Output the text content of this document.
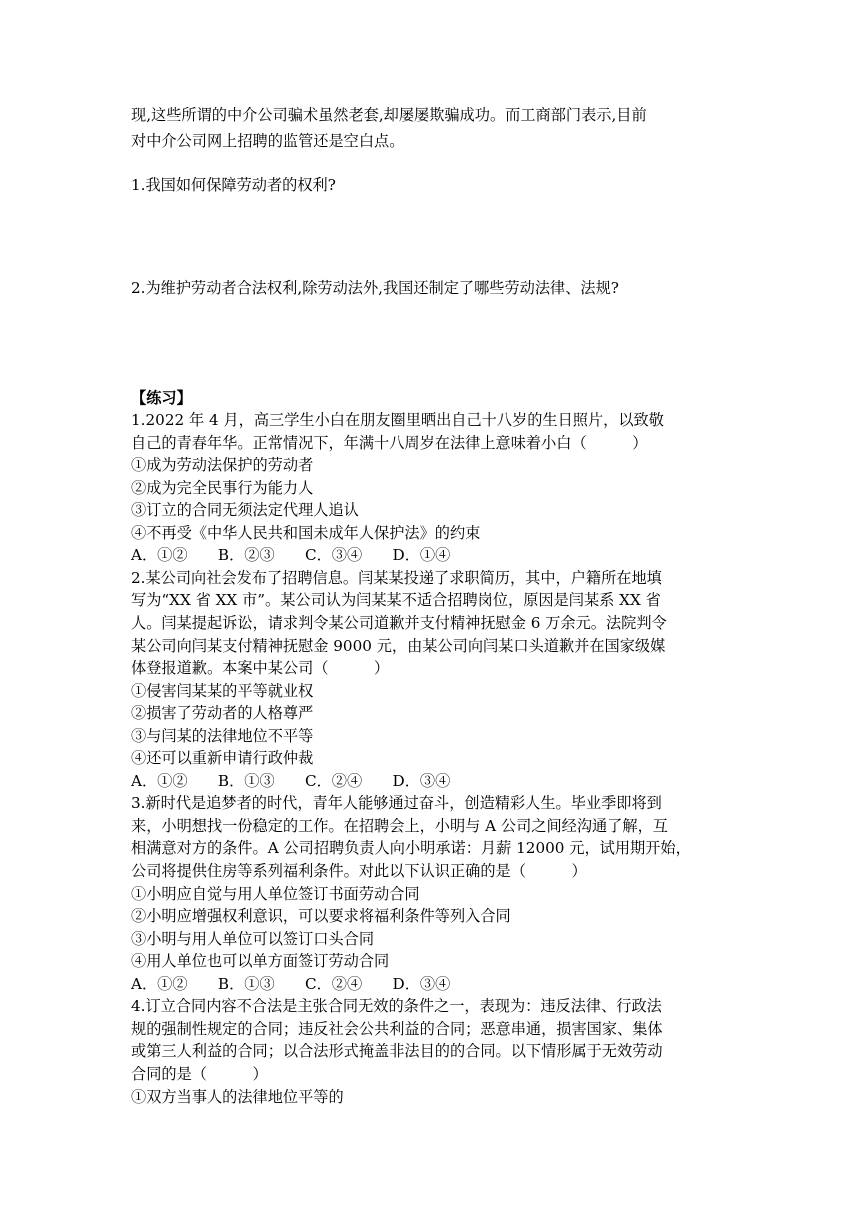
现,这些所谓的中介公司骗术虽然老套,却屡屡欺骗成功。而工商部门表示,目前
对中介公司网上招聘的监管还是空白点。
1.我国如何保障劳动者的权利?
2.为维护劳动者合法权利,除劳动法外,我国还制定了哪些劳动法律、法规?
【练习】
1.2022 年 4 月，高三学生小白在朋友圈里晒出自己十八岁的生日照片，以致敬
自己的青春年华。正常情况下，年满十八周岁在法律上意味着小白（　　　）
①成为劳动法保护的劳动者
②成为完全民事行为能力人
③订立的合同无须法定代理人追认
④不再受《中华人民共和国未成年人保护法》的约束
A．①②　　B．②③　　C．③④　　D．①④
2.某公司向社会发布了招聘信息。闫某某投递了求职简历，其中，户籍所在地填
写为“XX 省 XX 市”。某公司认为闫某某不适合招聘岗位，原因是闫某系 XX 省
人。闫某提起诉讼，请求判令某公司道歉并支付精神抚慰金 6 万余元。法院判令
某公司向闫某支付精神抚慰金 9000 元，由某公司向闫某口头道歉并在国家级媒
体登报道歉。本案中某公司（　　　）
①侵害闫某某的平等就业权
②损害了劳动者的人格尊严
③与闫某的法律地位不平等
④还可以重新申请行政仲裁
A．①②　　B．①③　　C．②④　　D．③④
3.新时代是追梦者的时代，青年人能够通过奋斗，创造精彩人生。毕业季即将到
来，小明想找一份稳定的工作。在招聘会上，小明与 A 公司之间经沟通了解，互
相满意对方的条件。A 公司招聘负责人向小明承诺：月薪 12000 元，试用期开始，
公司将提供住房等系列福利条件。对此以下认识正确的是（　　　）
①小明应自觉与用人单位签订书面劳动合同
②小明应增强权利意识，可以要求将福利条件等列入合同
③小明与用人单位可以签订口头合同
④用人单位也可以单方面签订劳动合同
A．①②　　B．①③　　C．②④　　D．③④
4.订立合同内容不合法是主张合同无效的条件之一，表现为：违反法律、行政法
规的强制性规定的合同；违反社会公共利益的合同；恶意串通，损害国家、集体
或第三人利益的合同；以合法形式掩盖非法目的的合同。以下情形属于无效劳动
合同的是（　　　）
①双方当事人的法律地位平等的
